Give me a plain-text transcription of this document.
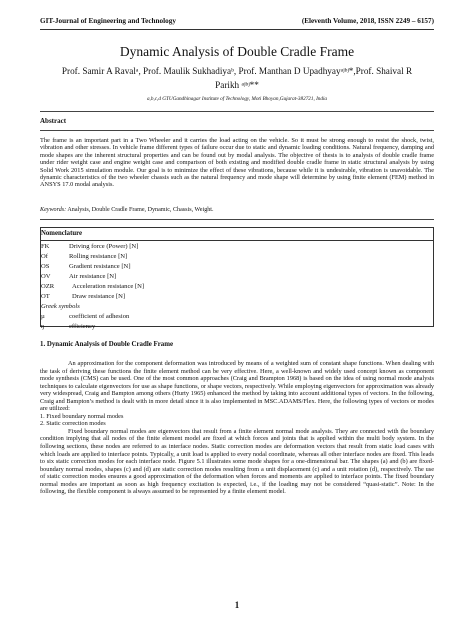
GIT-Journal of Engineering and Technology	(Eleventh Volume, 2018, ISSN 2249 – 6157)
Dynamic Analysis of Double Cradle Frame
Prof. Samir A Ravalᵃ, Prof. Maulik Sukhadiyaᵇ, Prof. Manthan D Upadhyayᵃʲᵇʲ*,Prof. Shaival R
Parikh ᵃʲᵇʲ**
a,b,c,d GTUGandhinagar Institute of Technology, Moti Bhoyan,Gujarat-382721, India
Abstract
The frame is an important part in a Two Wheeler and it carries the load acting on the vehicle. So it must be strong enough to resist the shock, twist, vibration and other stresses. In vehicle frame different types of failure occur due to static and dynamic loading conditions. Natural frequency, damping and mode shapes are the inherent structural properties and can be found out by modal analysis. The objective of thesis is to analysis of double cradle frame under rider weight case and engine weight case and comparison of both existing and modified double cradle frame in static structural analysis by using Solid Work 2015 simulation module. Our goal is to minimize the effect of these vibrations, because while it is undesirable, vibration is unavoidable. The dynamic characteristics of the two wheeler chassis such as the natural frequency and mode shape will determine by using finite element (FEM) method in ANSYS 17.0 modal analysis.
Keywords: Analysis, Double Cradle Frame, Dynamic, Chassis, Weight.
Nomenclature
FK	Driving force (Power) [N]
Of	Rolling resistance [N]
OS	Gradient resistance [N]
OV	Air resistance [N]
OZR	Acceleration resistance [N]
OT	Draw resistance [N]
Greek symbols
µ	coefficient of adhesion
ŋ	efficiency
1. Dynamic Analysis of Double Cradle Frame

An approximation for the component deformation was introduced by means of a weighted sum of constant shape functions. When dealing with the task of deriving these functions the finite element method can be very effective. Here, a well-known and widely used concept known as component mode synthesis (CMS) can be used. One of the most common approaches (Craig and Brampton 1968) is based on the idea of using normal mode analysis techniques to calculate eigenvectors for use as shape functions, or shape vectors, respectively. While employing eigenvectors for approximation was already very widespread, Craig and Bampton among others (Hurty 1965) enhanced the method by taking into account additional types of vectors. In the following, Craig and Bampton’s method is dealt with in more detail since it is also implemented in MSC.ADAMS/Flex. Here, the following types of vectors or modes are utilized:

1. Fixed boundary normal modes

2. Static correction modes

Fixed boundary normal modes are eigenvectors that result from a finite element normal mode analysis. They are connected with the boundary condition implying that all nodes of the finite element model are fixed at which forces and joints that is applied within the multi body system. In the following sections, these nodes are referred to as interface nodes. Static correction modes are deformation vectors that result from static load cases with which loads are applied to interface points. Typically, a unit load is applied to every nodal coordinate, whereas all other interface nodes are fixed. This leads to six static correction modes for each interface node. Figure 5.1 illustrates some mode shapes for a one-dimensional bar. The shapes (a) and (b) are fixed-boundary normal modes, shapes (c) and (d) are static correction modes resulting from a unit displacement (c) and a unit rotation (d), respectively. The use of static correction modes ensures a good approximation of the deformation when forces and moments are applied to interface points. The fixed boundary normal modes are important as soon as high frequency excitation is expected, i.e., if the loading may not be considered “quasi-static”. Note: In the following, the flexible component is always assumed to be represented by a finite element model.

1
